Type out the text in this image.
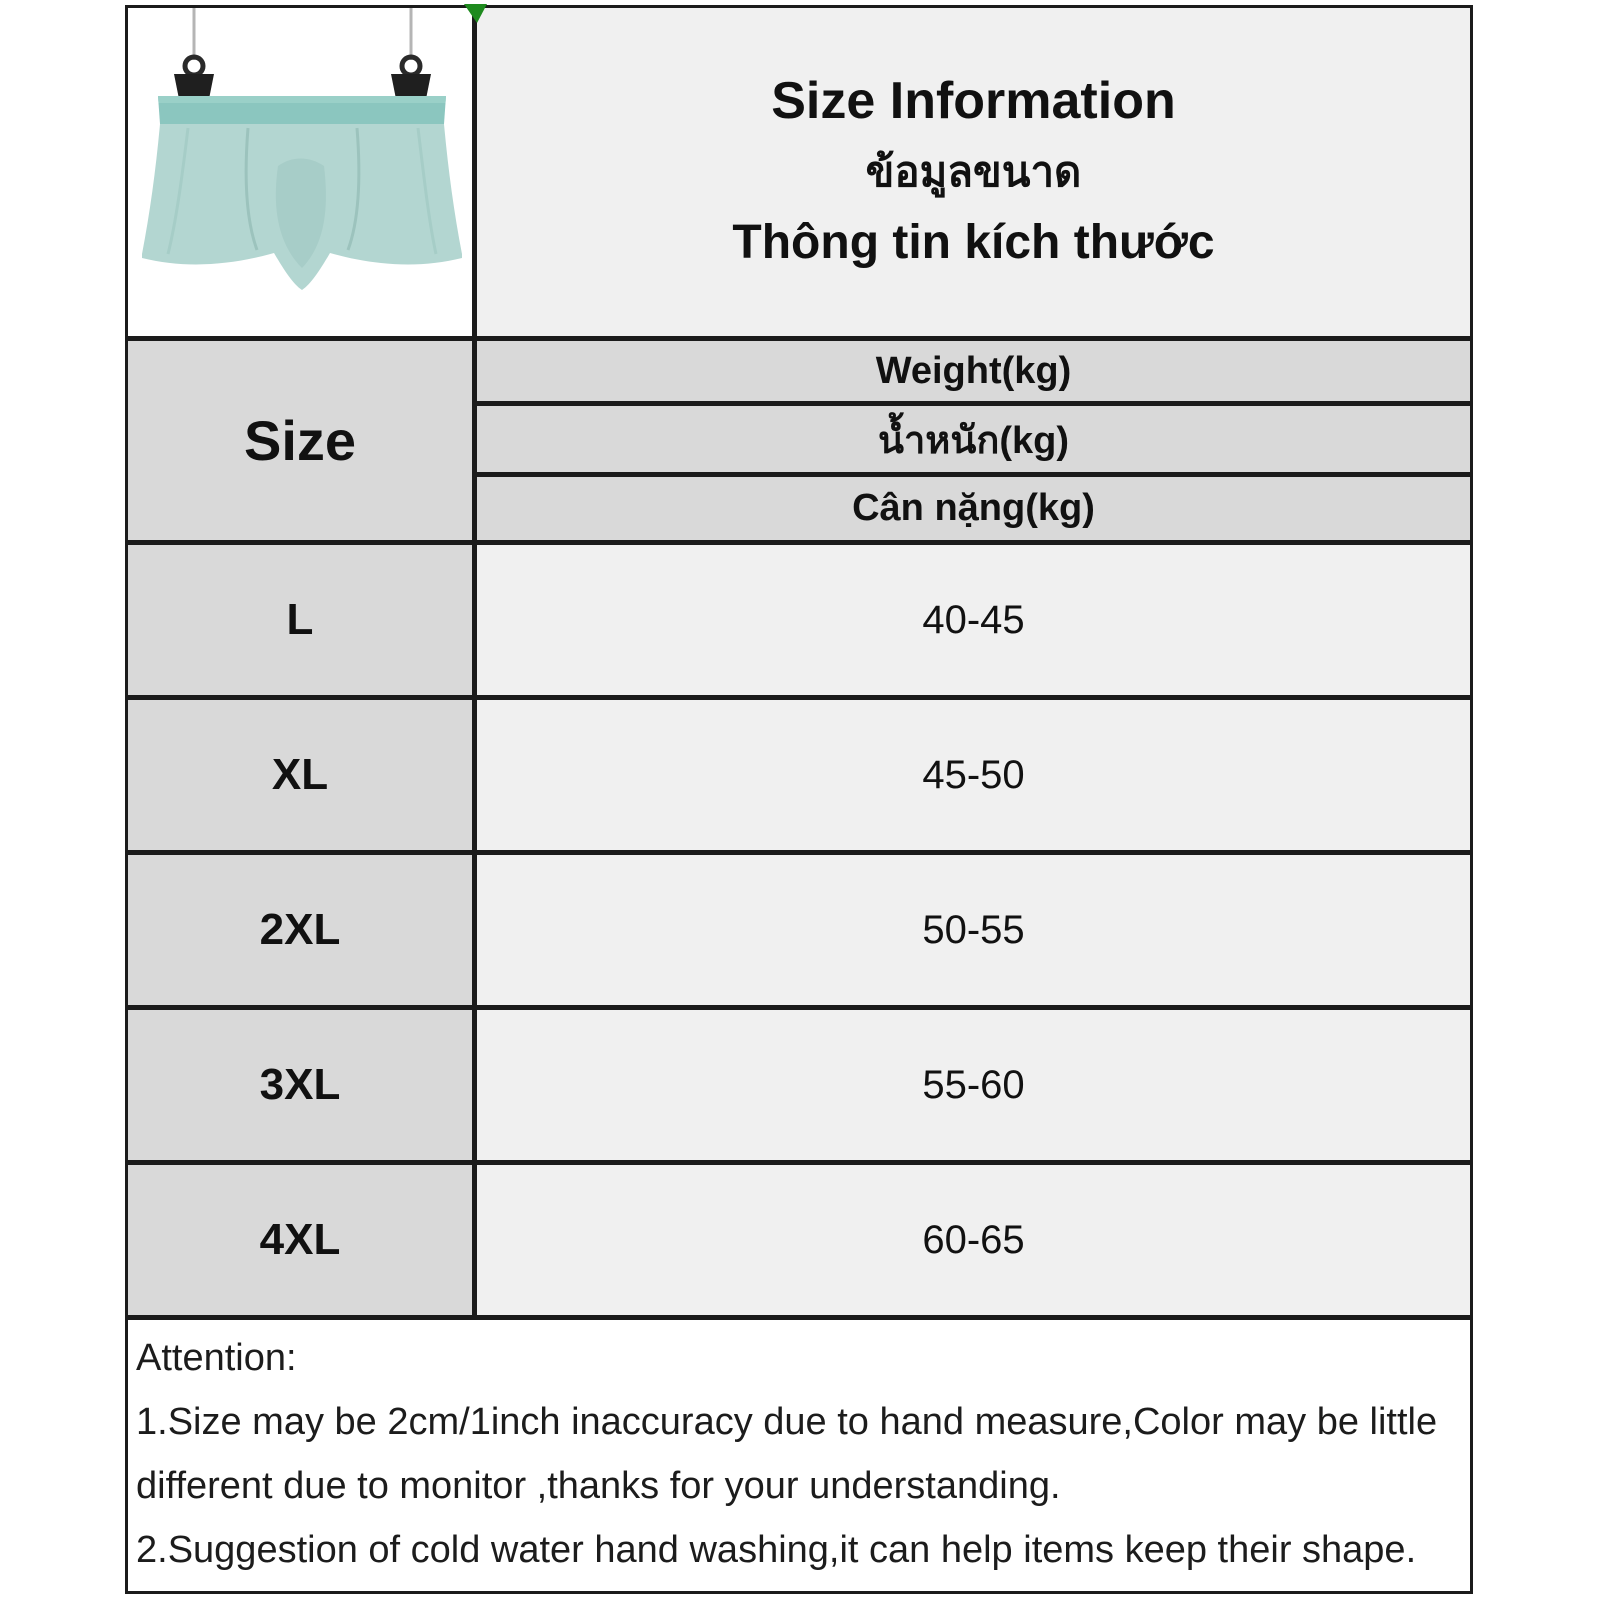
Size Information
ข้อมูลขนาด
Thông tin kích thước
Size
Weight(kg)
น้ำหนัก(kg)
Cân nặng(kg)
L	40-45
XL	45-50
2XL	50-55
3XL	55-60
4XL	60-65
Attention:
1.Size may be 2cm/1inch inaccuracy due to hand measure,Color may be little different due to monitor ,thanks for your understanding.
2.Suggestion of cold water hand washing,it can help items keep their shape.
